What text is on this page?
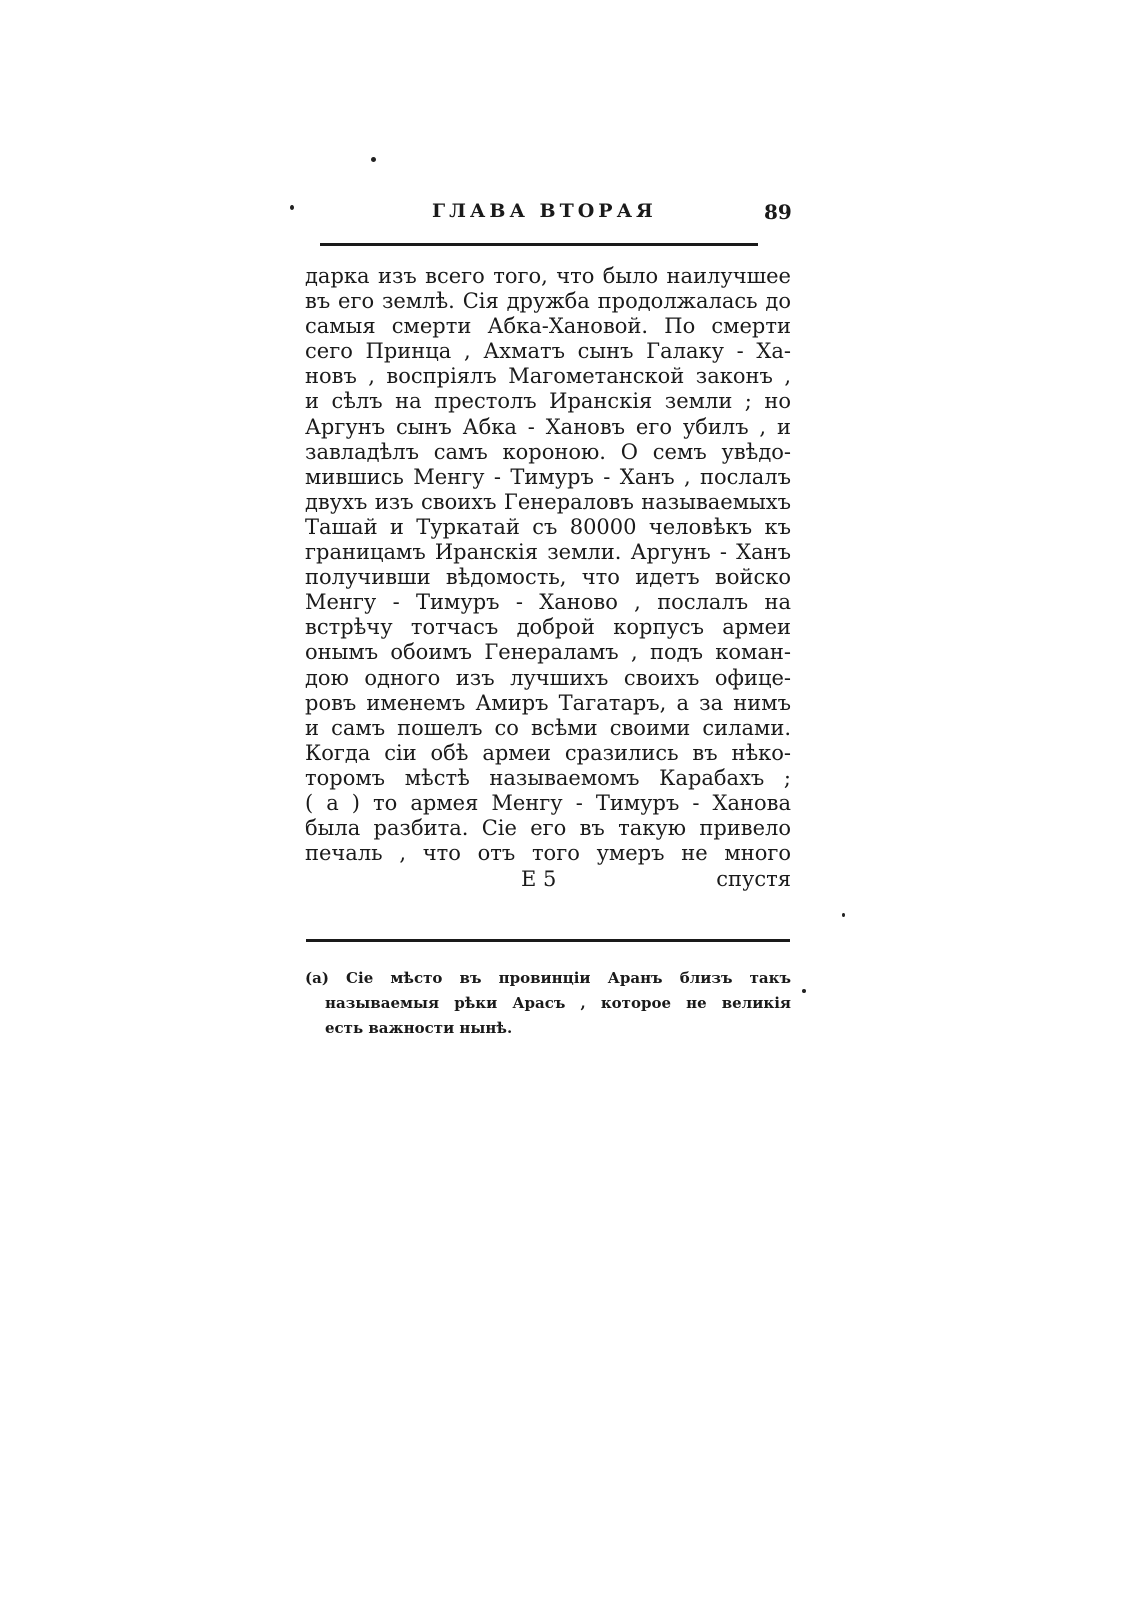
ГЛАВА ВТОРАЯ	89
дарка изъ всего того, что было наилучшее
въ его землѣ. Сія дружба продолжалась до
самыя смерти Абка-Хановой. По смерти
сего Принца , Ахматъ сынъ Галаку - Ха-
новъ , воспріялъ Магометанской законъ ,
и сѣлъ на престолъ Иранскія земли ; но
Аргунъ сынъ Абка - Хановъ его убилъ , и
завладѣлъ самъ короною. О семъ увѣдо-
мившись Менгу - Тимуръ - Ханъ , послалъ
двухъ изъ своихъ Генераловъ называемыхъ
Ташай и Туркатай съ 80000 человѣкъ къ
границамъ Иранскія земли. Аргунъ - Ханъ
получивши вѣдомость, что идетъ войско
Менгу - Тимуръ - Ханово , послалъ на
встрѣчу тотчасъ доброй корпусъ армеи
онымъ обоимъ Генераламъ , подъ коман-
дою одного изъ лучшихъ своихъ офице-
ровъ именемъ Амиръ Тагатаръ, а за нимъ
и самъ пошелъ со всѣми своими силами.
Когда сіи обѣ армеи сразились въ нѣко-
торомъ мѣстѣ называемомъ Карабахъ ;
( а ) то армея Менгу - Тимуръ - Ханова
была разбита. Сіе его въ такую привело
печаль , что отъ того умеръ не много
Е 5	спустя
(а) Сіе мѣсто въ провинціи Аранъ близъ такъ
называемыя рѣки Арасъ , которое не великія
есть важности нынѣ.
